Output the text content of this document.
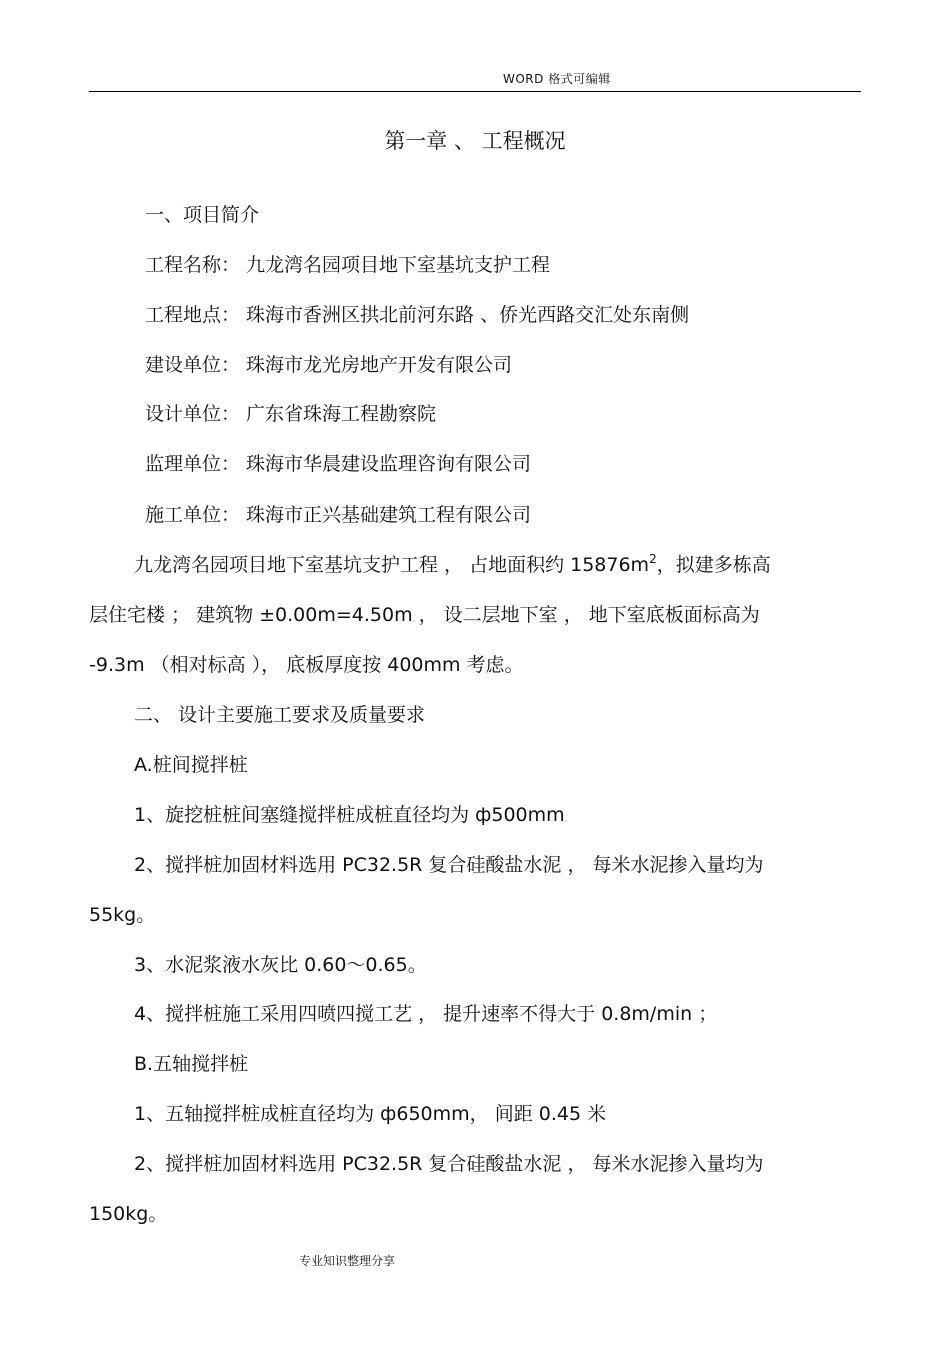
WORD 格式可编辑
第一章 、 工程概况
一、项目简介
工程名称： 九龙湾名园项目地下室基坑支护工程
工程地点： 珠海市香洲区拱北前河东路 、侨光西路交汇处东南侧
建设单位： 珠海市龙光房地产开发有限公司
设计单位： 广东省珠海工程勘察院
监理单位： 珠海市华晨建设监理咨询有限公司
施工单位： 珠海市正兴基础建筑工程有限公司
九龙湾名园项目地下室基坑支护工程 ， 占地面积约 $15876m^2$，拟建多栋高
层住宅楼 ； 建筑物 ±0.00m=4.50m ， 设二层地下室 ， 地下室底板面标高为
-9.3m （相对标高 ）， 底板厚度按 400mm 考虑。
二、 设计主要施工要求及质量要求
A.桩间搅拌桩
1、旋挖桩桩间塞缝搅拌桩成桩直径均为 ф500mm
2、搅拌桩加固材料选用 PC32.5R 复合硅酸盐水泥 ， 每米水泥掺入量均为
55kg。
3、水泥浆液水灰比 0.60～0.65。
4、搅拌桩施工采用四喷四搅工艺 ， 提升速率不得大于 0.8m/min ；
B.五轴搅拌桩
1、五轴搅拌桩成桩直径均为 ф650mm， 间距 0.45 米
2、搅拌桩加固材料选用 PC32.5R 复合硅酸盐水泥 ， 每米水泥掺入量均为
150kg。
专业知识整理分享
